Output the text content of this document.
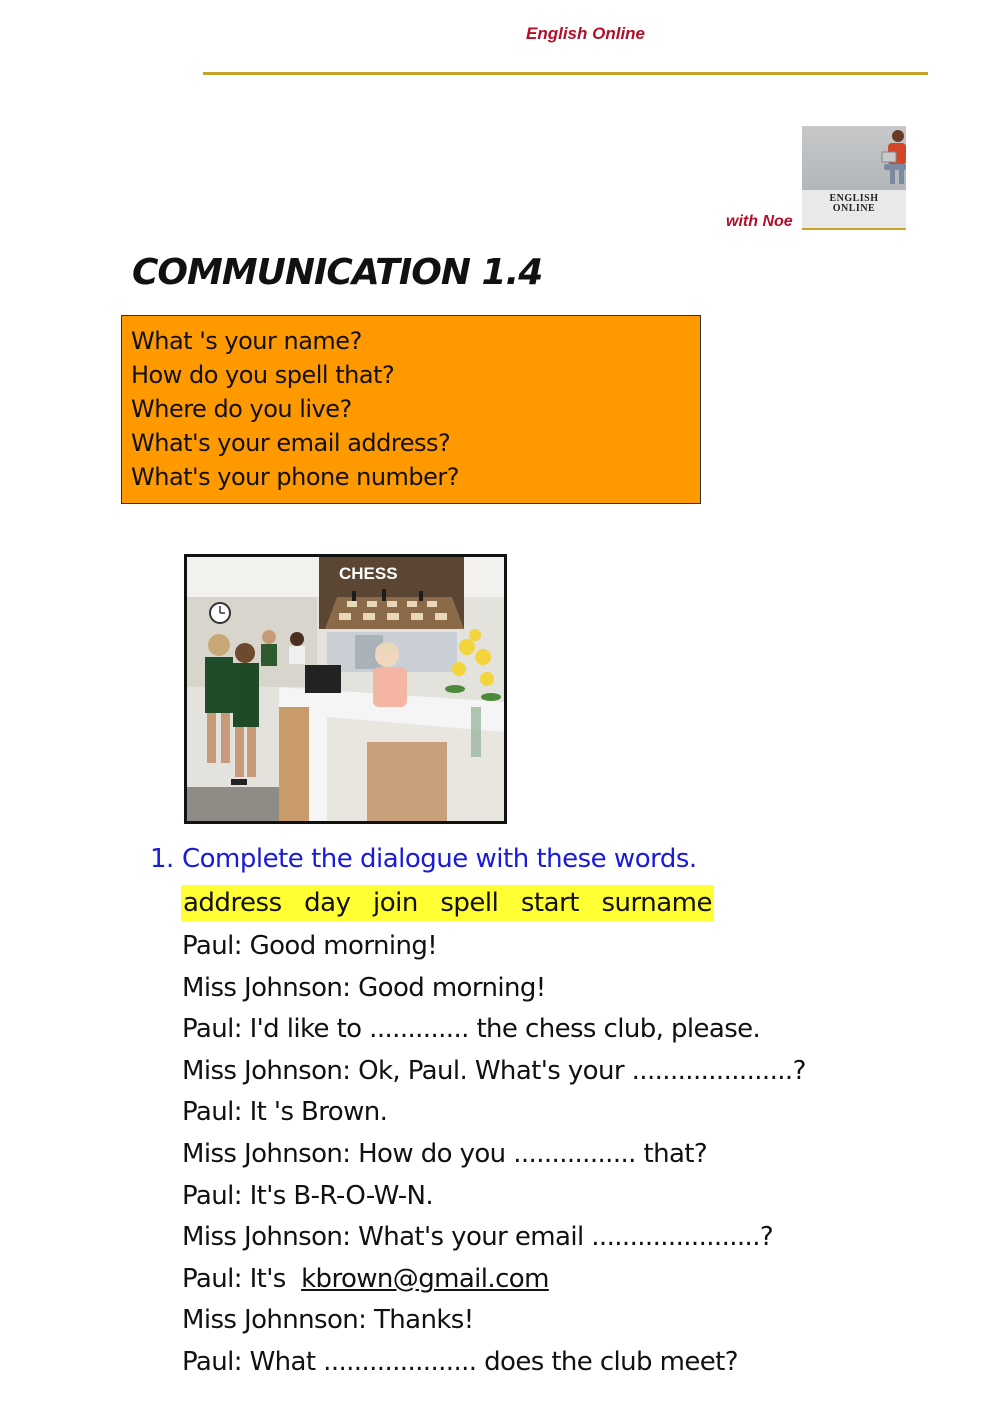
English Online
ENGLISH
ONLINE
with Noe
COMMUNICATION 1.4
What 's your name?
How do you spell that?
Where do you live?
What's your email address?
What's your phone number?
CHESS
1. Complete the dialogue with these words.
address day join spell start surname
Paul: Good morning!
Miss Johnson: Good morning!
Paul: I'd like to ............. the chess club, please.
Miss Johnson: Ok, Paul. What's your .....................?
Paul: It 's Brown.
Miss Johnson: How do you ................ that?
Paul: It's B-R-O-W-N.
Miss Johnson: What's your email ......................?
Paul: It's kbrown@gmail.com
Miss Johnnson: Thanks!
Paul: What .................... does the club meet?
